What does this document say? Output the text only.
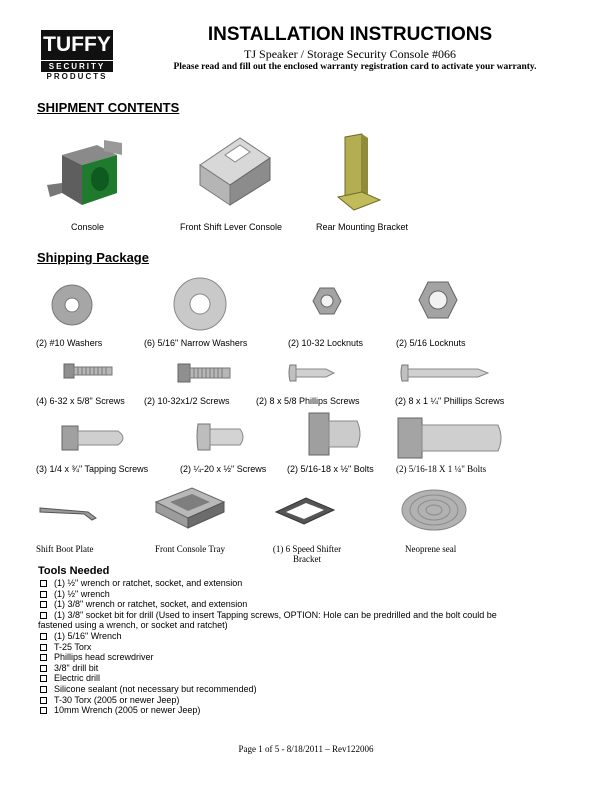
TUFFY
SECURITY
PRODUCTS
INSTALLATION INSTRUCTIONS
TJ Speaker / Storage Security Console #066
Please read and fill out the enclosed warranty registration card to activate your warranty.
SHIPMENT CONTENTS
Console	Front Shift Lever Console	Rear Mounting Bracket
Shipping Package
(2) #10 Washers	(6) 5/16" Narrow Washers	(2) 10-32 Locknuts	(2) 5/16 Locknuts
(4) 6-32 x 5/8" Screws (2) 10-32x1/2 Screws	(2) 8 x 5/8 Phillips Screws	(2) 8 x 1 ¼" Phillips Screws
(3) 1/4 x ¾" Tapping Screws	(2) ¼-20 x ½" Screws (2) 5/16-18 x ½" Bolts (2) 5/16-18 X 1 ¼" Bolts
Shift Boot Plate	Front Console Tray	(1) 6 Speed Shifter Bracket
Neoprene seal
Tools Needed
(1) ½" wrench or ratchet, socket, and extension
(1) ½" wrench
(1) 3/8" wrench or ratchet, socket, and extension
(1) 3/8" socket bit for drill (Used to insert Tapping screws, OPTION: Hole can be predrilled and the bolt could be
fastened using a wrench, or socket and ratchet)
(1) 5/16" Wrench
T-25 Torx
Phillips head screwdriver
3/8" drill bit
Electric drill
Silicone sealant (not necessary but recommended)
T-30 Torx (2005 or newer Jeep)
10mm Wrench (2005 or newer Jeep)
Page 1 of 5 - 8/18/2011 – Rev122006
